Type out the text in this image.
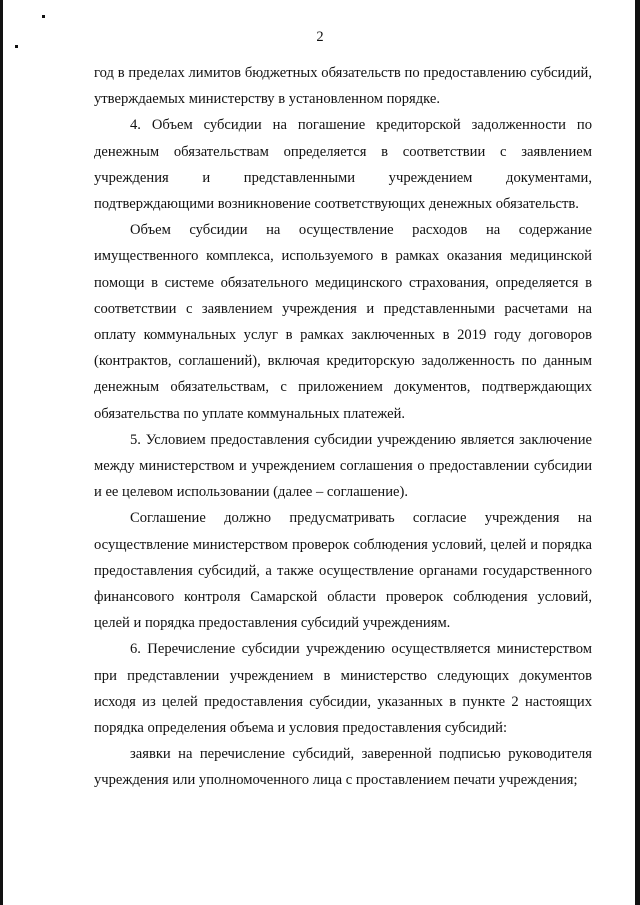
2

год в пределах лимитов бюджетных обязательств по предоставлению субсидий, утверждаемых министерству в установленном порядке.

4. Объем субсидии на погашение кредиторской задолженности по денежным обязательствам определяется в соответствии с заявлением учреждения и представленными учреждением документами, подтверждающими возникновение соответствующих денежных обязательств.

Объем субсидии на осуществление расходов на содержание имущественного комплекса, используемого в рамках оказания медицинской помощи в системе обязательного медицинского страхования, определяется в соответствии с заявлением учреждения и представленными расчетами на оплату коммунальных услуг в рамках заключенных в 2019 году договоров (контрактов, соглашений), включая кредиторскую задолженность по данным денежным обязательствам, с приложением документов, подтверждающих обязательства по уплате коммунальных платежей.

5. Условием предоставления субсидии учреждению является заключение между министерством и учреждением соглашения о предоставлении субсидии и ее целевом использовании (далее – соглашение).

Соглашение должно предусматривать согласие учреждения на осуществление министерством проверок соблюдения условий, целей и порядка предоставления субсидий, а также осуществление органами государственного финансового контроля Самарской области проверок соблюдения условий, целей и порядка предоставления субсидий учреждениям.

6. Перечисление субсидии учреждению осуществляется министерством при представлении учреждением в министерство следующих документов исходя из целей предоставления субсидии, указанных в пункте 2 настоящих порядка определения объема и условия предоставления субсидий:

заявки на перечисление субсидий, заверенной подписью руководителя учреждения или уполномоченного лица с проставлением печати учреждения;
